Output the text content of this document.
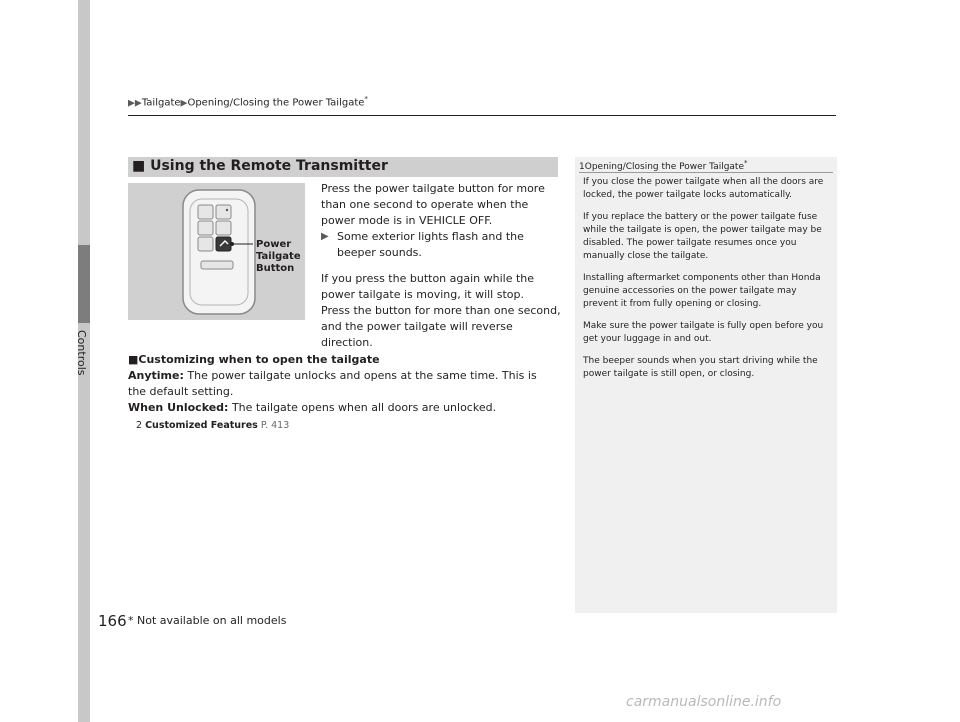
Controls
▶▶Tailgate▶Opening/Closing the Power Tailgate*
■ Using the Remote Transmitter
Power
Tailgate
Button

Press the power tailgate button for more than one second to operate when the power mode is in VEHICLE OFF.

▶ Some exterior lights flash and the beeper sounds.

If you press the button again while the power tailgate is moving, it will stop.

Press the button for more than one second, and the power tailgate will reverse direction.

■Customizing when to open the tailgate

Anytime: The power tailgate unlocks and opens at the same time. This is the default setting.

When Unlocked: The tailgate opens when all doors are unlocked.

2 Customized Features P. 413

1Opening/Closing the Power Tailgate*

If you close the power tailgate when all the doors are locked, the power tailgate locks automatically.

If you replace the battery or the power tailgate fuse while the tailgate is open, the power tailgate may be disabled. The power tailgate resumes once you manually close the tailgate.

Installing aftermarket components other than Honda genuine accessories on the power tailgate may prevent it from fully opening or closing.

Make sure the power tailgate is fully open before you get your luggage in and out.

The beeper sounds when you start driving while the power tailgate is still open, or closing.

166 * Not available on all models
carmanualsonline.info
